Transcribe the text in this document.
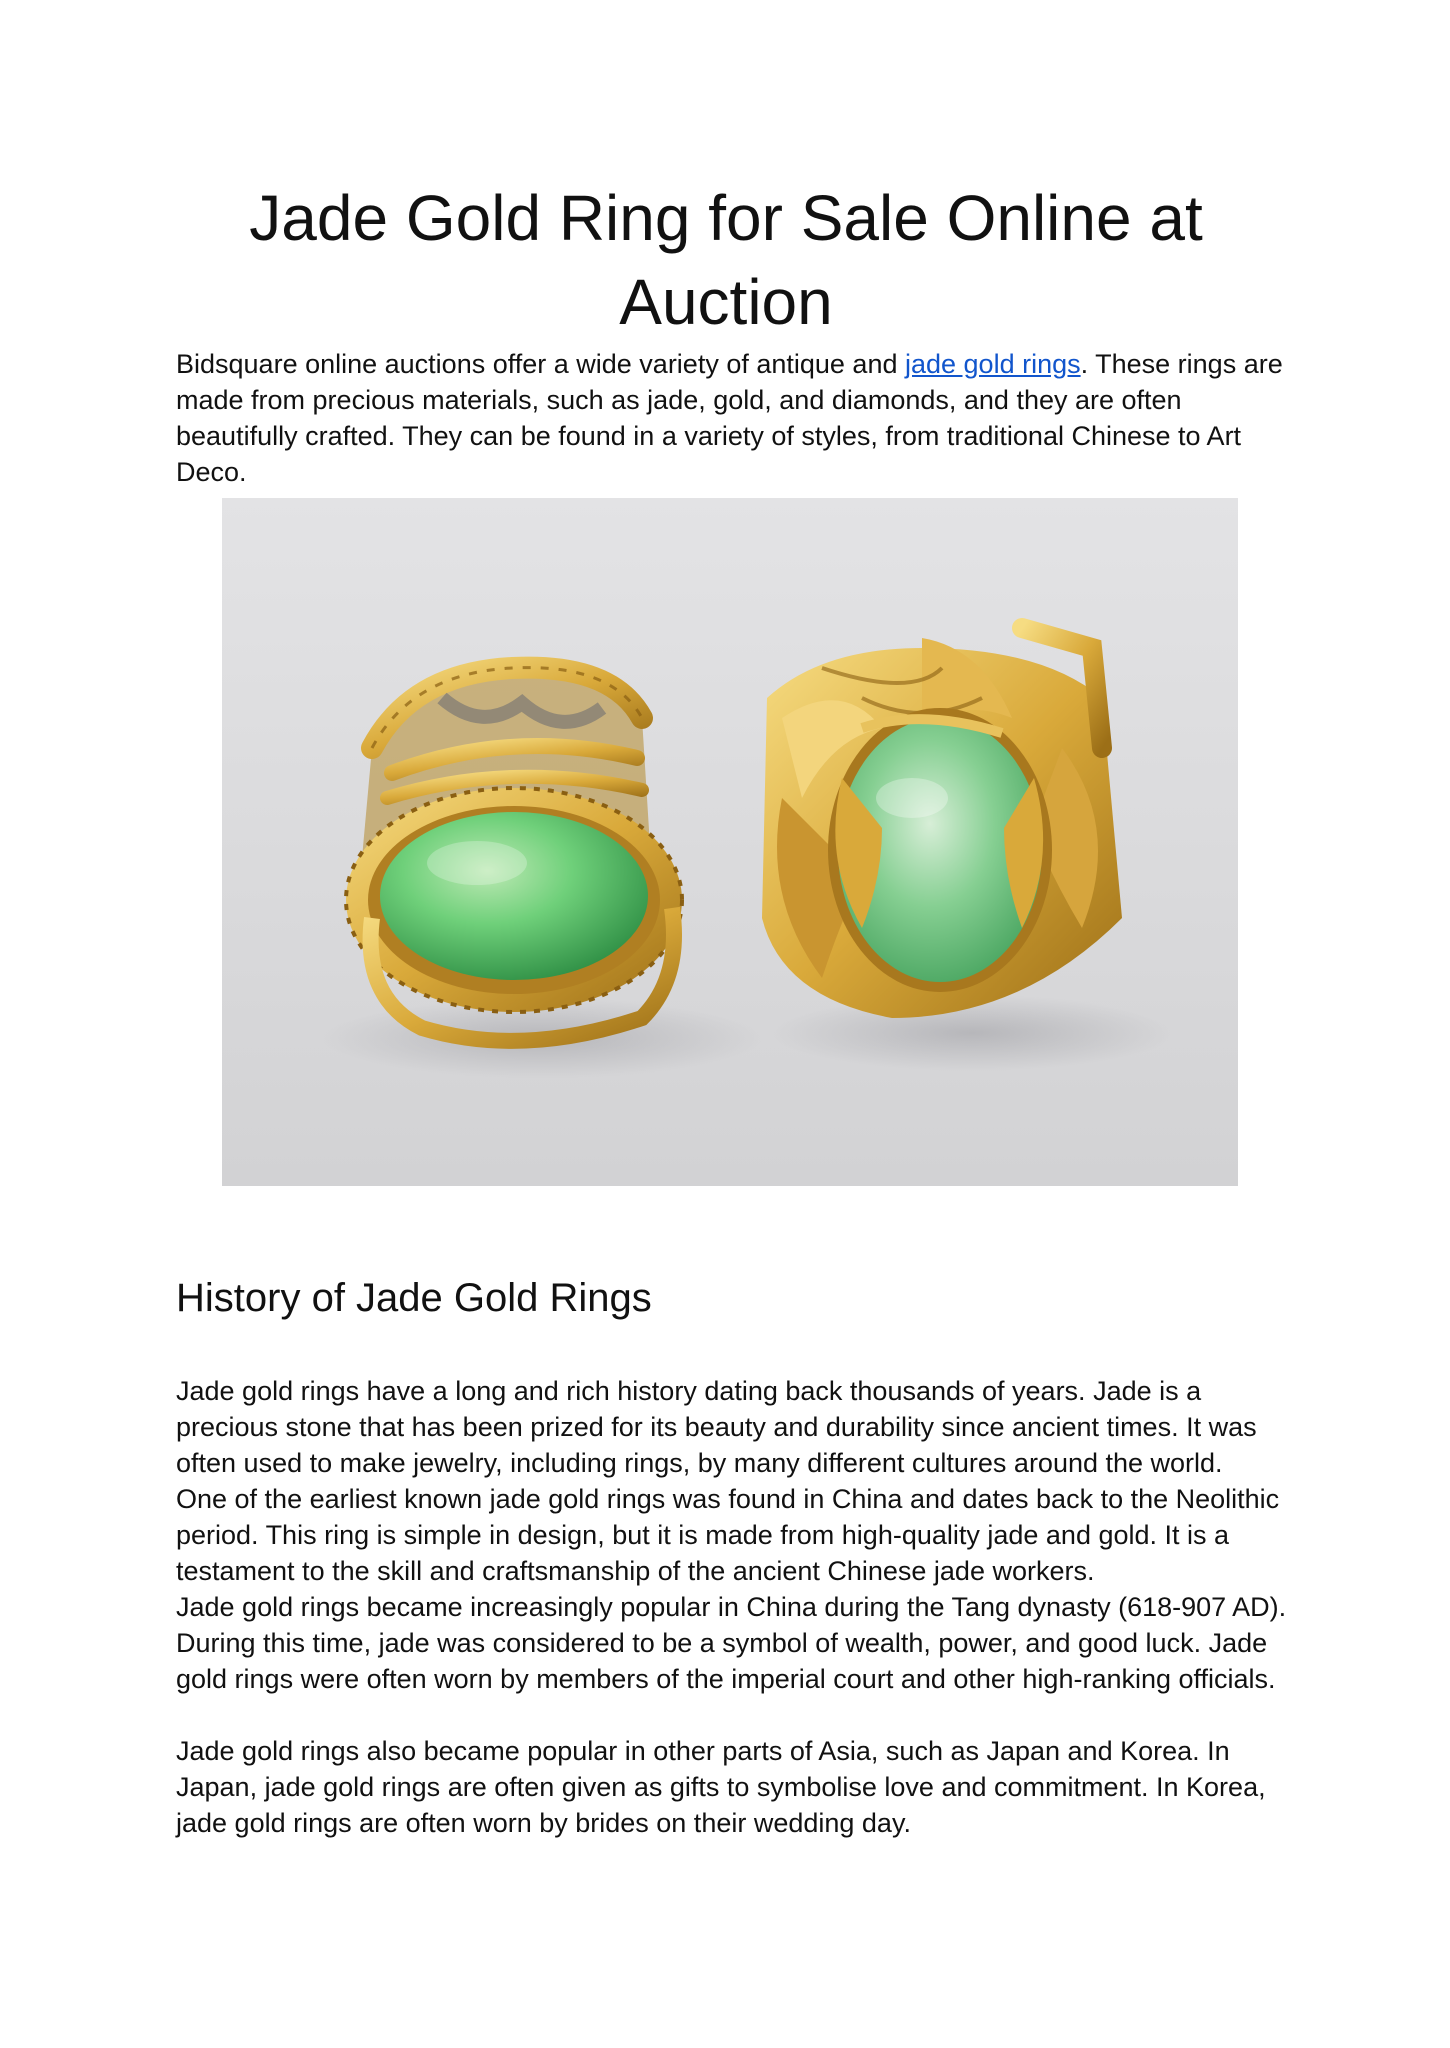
Jade Gold Ring for Sale Online at Auction

Bidsquare online auctions offer a wide variety of antique and jade gold rings. These rings are made from precious materials, such as jade, gold, and diamonds, and they are often beautifully crafted. They can be found in a variety of styles, from traditional Chinese to Art Deco.

History of Jade Gold Rings

Jade gold rings have a long and rich history dating back thousands of years. Jade is a precious stone that has been prized for its beauty and durability since ancient times. It was often used to make jewelry, including rings, by many different cultures around the world.

One of the earliest known jade gold rings was found in China and dates back to the Neolithic period. This ring is simple in design, but it is made from high-quality jade and gold. It is a testament to the skill and craftsmanship of the ancient Chinese jade workers.

Jade gold rings became increasingly popular in China during the Tang dynasty (618-907 AD). During this time, jade was considered to be a symbol of wealth, power, and good luck. Jade gold rings were often worn by members of the imperial court and other high-ranking officials.

Jade gold rings also became popular in other parts of Asia, such as Japan and Korea. In Japan, jade gold rings are often given as gifts to symbolise love and commitment. In Korea, jade gold rings are often worn by brides on their wedding day.
